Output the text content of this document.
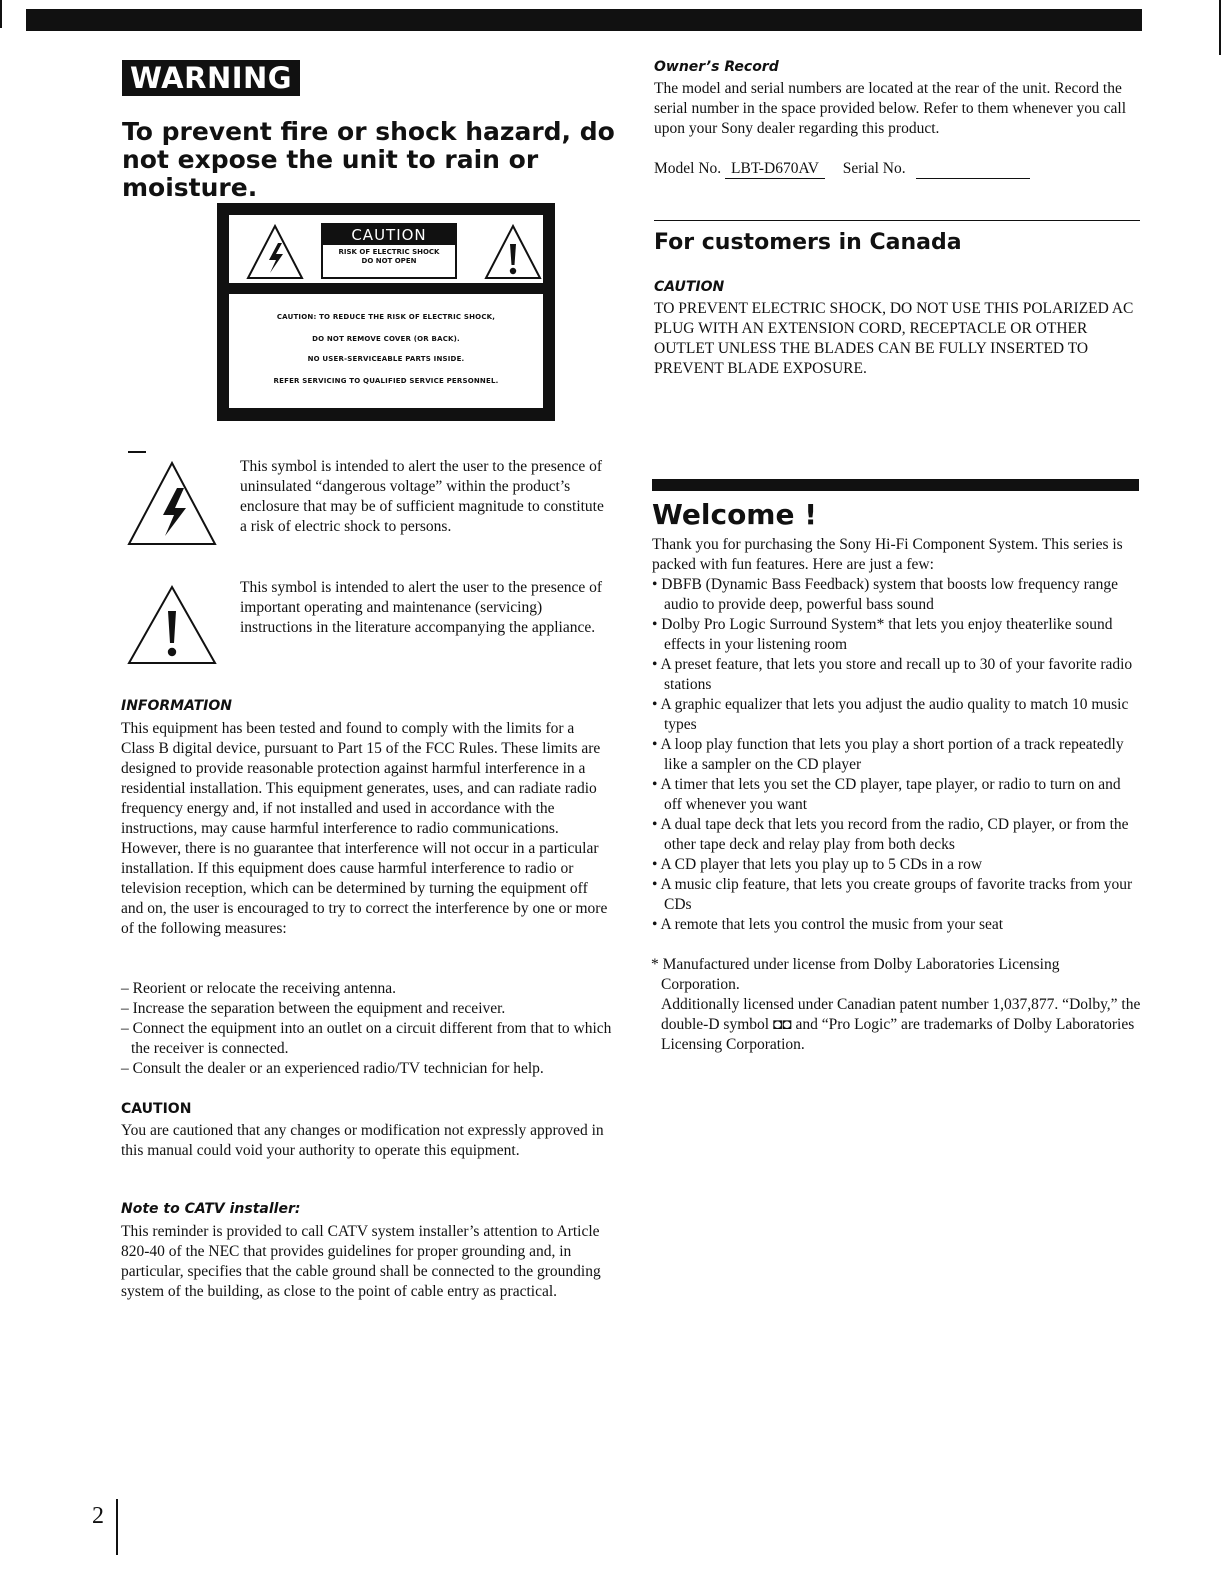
WARNING
To prevent fire or shock hazard, do not expose the unit to rain or moisture.
CAUTION
RISK OF ELECTRIC SHOCK
DO NOT OPEN
CAUTION: TO REDUCE THE RISK OF ELECTRIC SHOCK,
DO NOT REMOVE COVER (OR BACK).
NO USER-SERVICEABLE PARTS INSIDE.
REFER SERVICING TO QUALIFIED SERVICE PERSONNEL.
This symbol is intended to alert the user to the presence of uninsulated “dangerous voltage” within the product’s enclosure that may be of sufficient magnitude to constitute a risk of electric shock to persons.
This symbol is intended to alert the user to the presence of important operating and maintenance (servicing) instructions in the literature accompanying the appliance.
INFORMATION
This equipment has been tested and found to comply with the limits for a Class B digital device, pursuant to Part 15 of the FCC Rules. These limits are designed to provide reasonable protection against harmful interference in a residential installation. This equipment generates, uses, and can radiate radio frequency energy and, if not installed and used in accordance with the instructions, may cause harmful interference to radio communications. However, there is no guarantee that interference will not occur in a particular installation. If this equipment does cause harmful interference to radio or television reception, which can be determined by turning the equipment off and on, the user is encouraged to try to correct the interference by one or more of the following measures:

– Reorient or relocate the receiving antenna.

– Increase the separation between the equipment and receiver.

– Connect the equipment into an outlet on a circuit different from that to which the receiver is connected.

– Consult the dealer or an experienced radio/TV technician for help.

CAUTION
You are cautioned that any changes or modification not expressly approved in this manual could void your authority to operate this equipment.
Note to CATV installer:
This reminder is provided to call CATV system installer’s attention to Article 820-40 of the NEC that provides guidelines for proper grounding and, in particular, specifies that the cable ground shall be connected to the grounding system of the building, as close to the point of cable entry as practical.
Owner’s Record
The model and serial numbers are located at the rear of the unit. Record the serial number in the space provided below. Refer to them whenever you call upon your Sony dealer regarding this product.
Model No. LBT-D670AV Serial No.
For customers in Canada
CAUTION
TO PREVENT ELECTRIC SHOCK, DO NOT USE THIS POLARIZED AC PLUG WITH AN EXTENSION CORD, RECEPTACLE OR OTHER OUTLET UNLESS THE BLADES CAN BE FULLY INSERTED TO PREVENT BLADE EXPOSURE.
Welcome !
Thank you for purchasing the Sony Hi-Fi Component System. This series is packed with fun features. Here are just a few:
• DBFB (Dynamic Bass Feedback) system that boosts low frequency range audio to provide deep, powerful bass sound
• Dolby Pro Logic Surround System* that lets you enjoy theaterlike sound effects in your listening room
• A preset feature, that lets you store and recall up to 30 of your favorite radio stations
• A graphic equalizer that lets you adjust the audio quality to match 10 music types
• A loop play function that lets you play a short portion of a track repeatedly like a sampler on the CD player
• A timer that lets you set the CD player, tape player, or radio to turn on and off whenever you want
• A dual tape deck that lets you record from the radio, CD player, or from the other tape deck and relay play from both decks
• A CD player that lets you play up to 5 CDs in a row
• A music clip feature, that lets you create groups of favorite tracks from your CDs
• A remote that lets you control the music from your seat

* Manufactured under license from Dolby Laboratories Licensing Corporation.

Additionally licensed under Canadian patent number 1,037,877. “Dolby,” the double-D symbol ◘◘ and “Pro Logic” are trademarks of Dolby Laboratories Licensing Corporation.

2
